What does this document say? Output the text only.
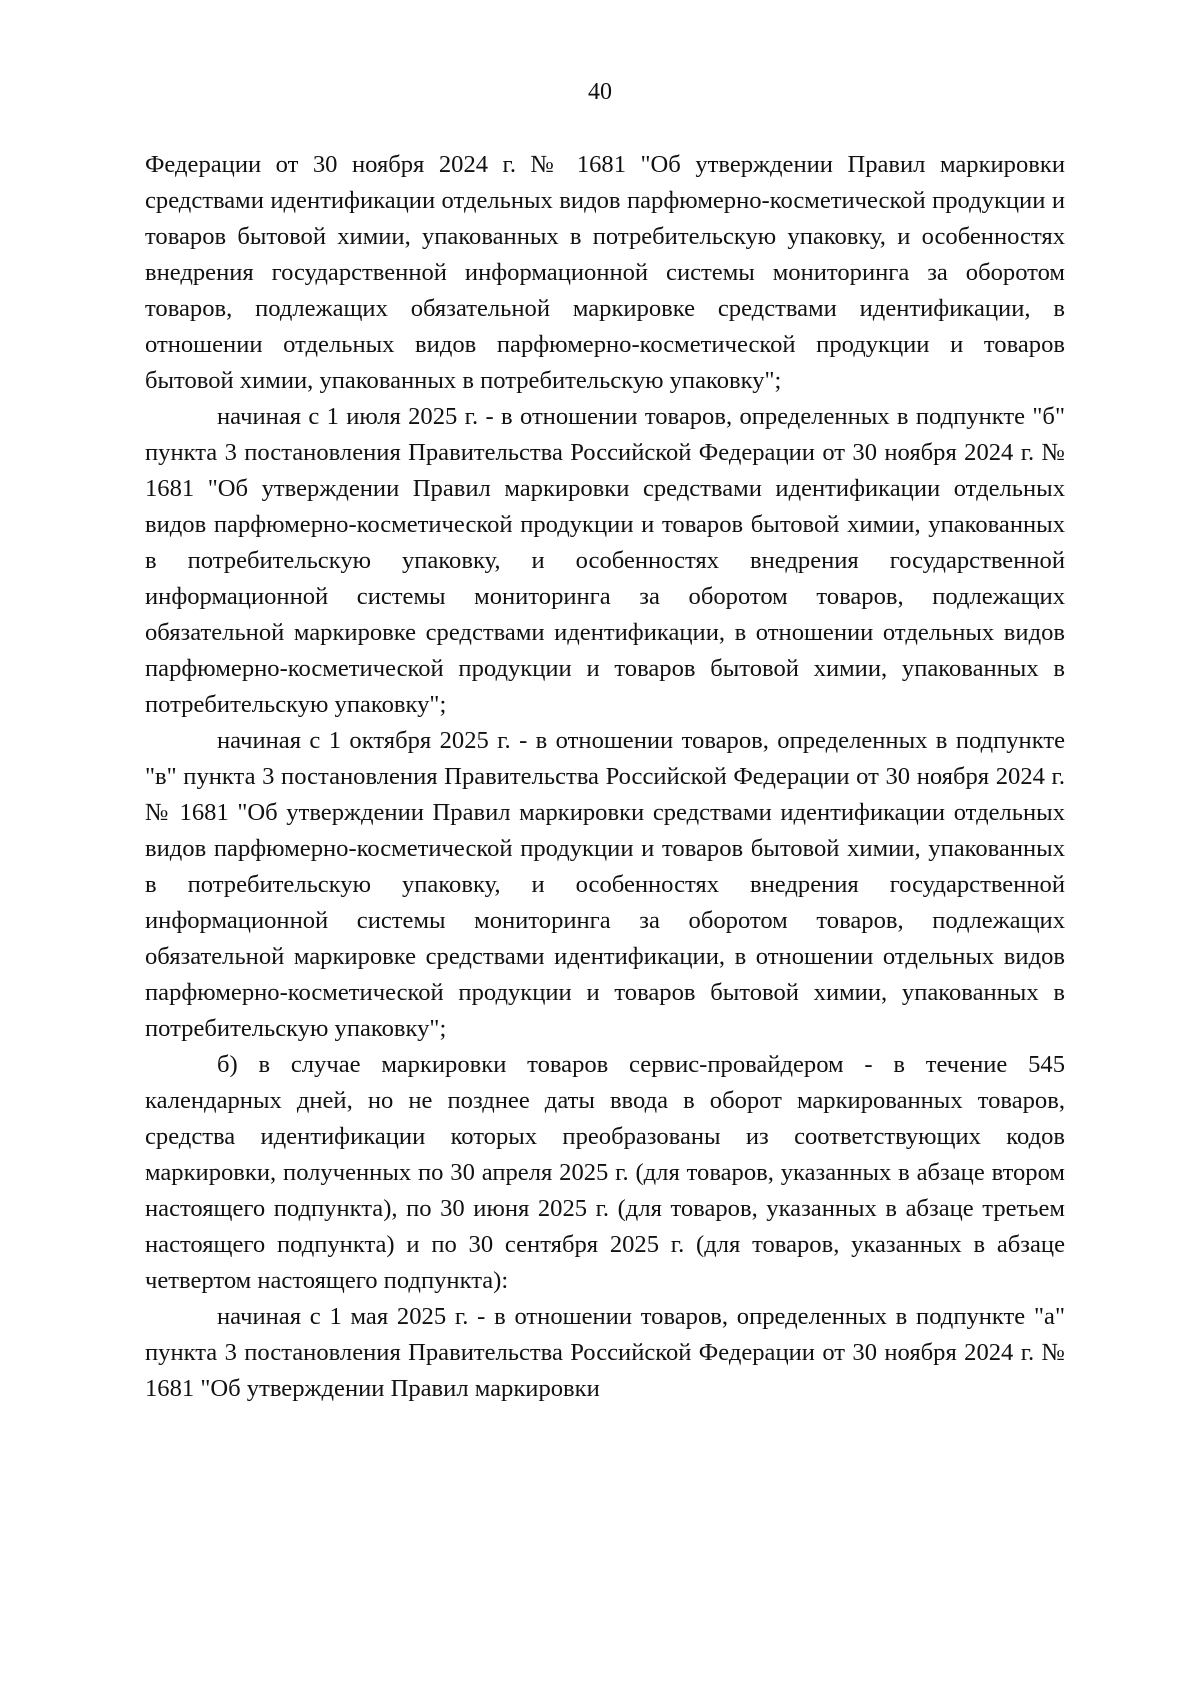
40

Федерации от 30 ноября 2024 г. № 1681 "Об утверждении Правил маркировки средствами идентификации отдельных видов парфюмерно-косметической продукции и товаров бытовой химии, упакованных в потребительскую упаковку, и особенностях внедрения государственной информационной системы мониторинга за оборотом товаров, подлежащих обязательной маркировке средствами идентификации, в отношении отдельных видов парфюмерно-косметической продукции и товаров бытовой химии, упакованных в потребительскую упаковку";

начиная с 1 июля 2025 г. - в отношении товаров, определенных в подпункте "б" пункта 3 постановления Правительства Российской Федерации от 30 ноября 2024 г. № 1681 "Об утверждении Правил маркировки средствами идентификации отдельных видов парфюмерно-косметической продукции и товаров бытовой химии, упакованных в потребительскую упаковку, и особенностях внедрения государственной информационной системы мониторинга за оборотом товаров, подлежащих обязательной маркировке средствами идентификации, в отношении отдельных видов парфюмерно-косметической продукции и товаров бытовой химии, упакованных в потребительскую упаковку";

начиная с 1 октября 2025 г. - в отношении товаров, определенных в подпункте "в" пункта 3 постановления Правительства Российской Федерации от 30 ноября 2024 г. № 1681 "Об утверждении Правил маркировки средствами идентификации отдельных видов парфюмерно-косметической продукции и товаров бытовой химии, упакованных в потребительскую упаковку, и особенностях внедрения государственной информационной системы мониторинга за оборотом товаров, подлежащих обязательной маркировке средствами идентификации, в отношении отдельных видов парфюмерно-косметической продукции и товаров бытовой химии, упакованных в потребительскую упаковку";

б) в случае маркировки товаров сервис-провайдером - в течение 545 календарных дней, но не позднее даты ввода в оборот маркированных товаров, средства идентификации которых преобразованы из соответствующих кодов маркировки, полученных по 30 апреля 2025 г. (для товаров, указанных в абзаце втором настоящего подпункта), по 30 июня 2025 г. (для товаров, указанных в абзаце третьем настоящего подпункта) и по 30 сентября 2025 г. (для товаров, указанных в абзаце четвертом настоящего подпункта):

начиная с 1 мая 2025 г. - в отношении товаров, определенных в подпункте "а" пункта 3 постановления Правительства Российской Федерации от 30 ноября 2024 г. № 1681 "Об утверждении Правил маркировки
